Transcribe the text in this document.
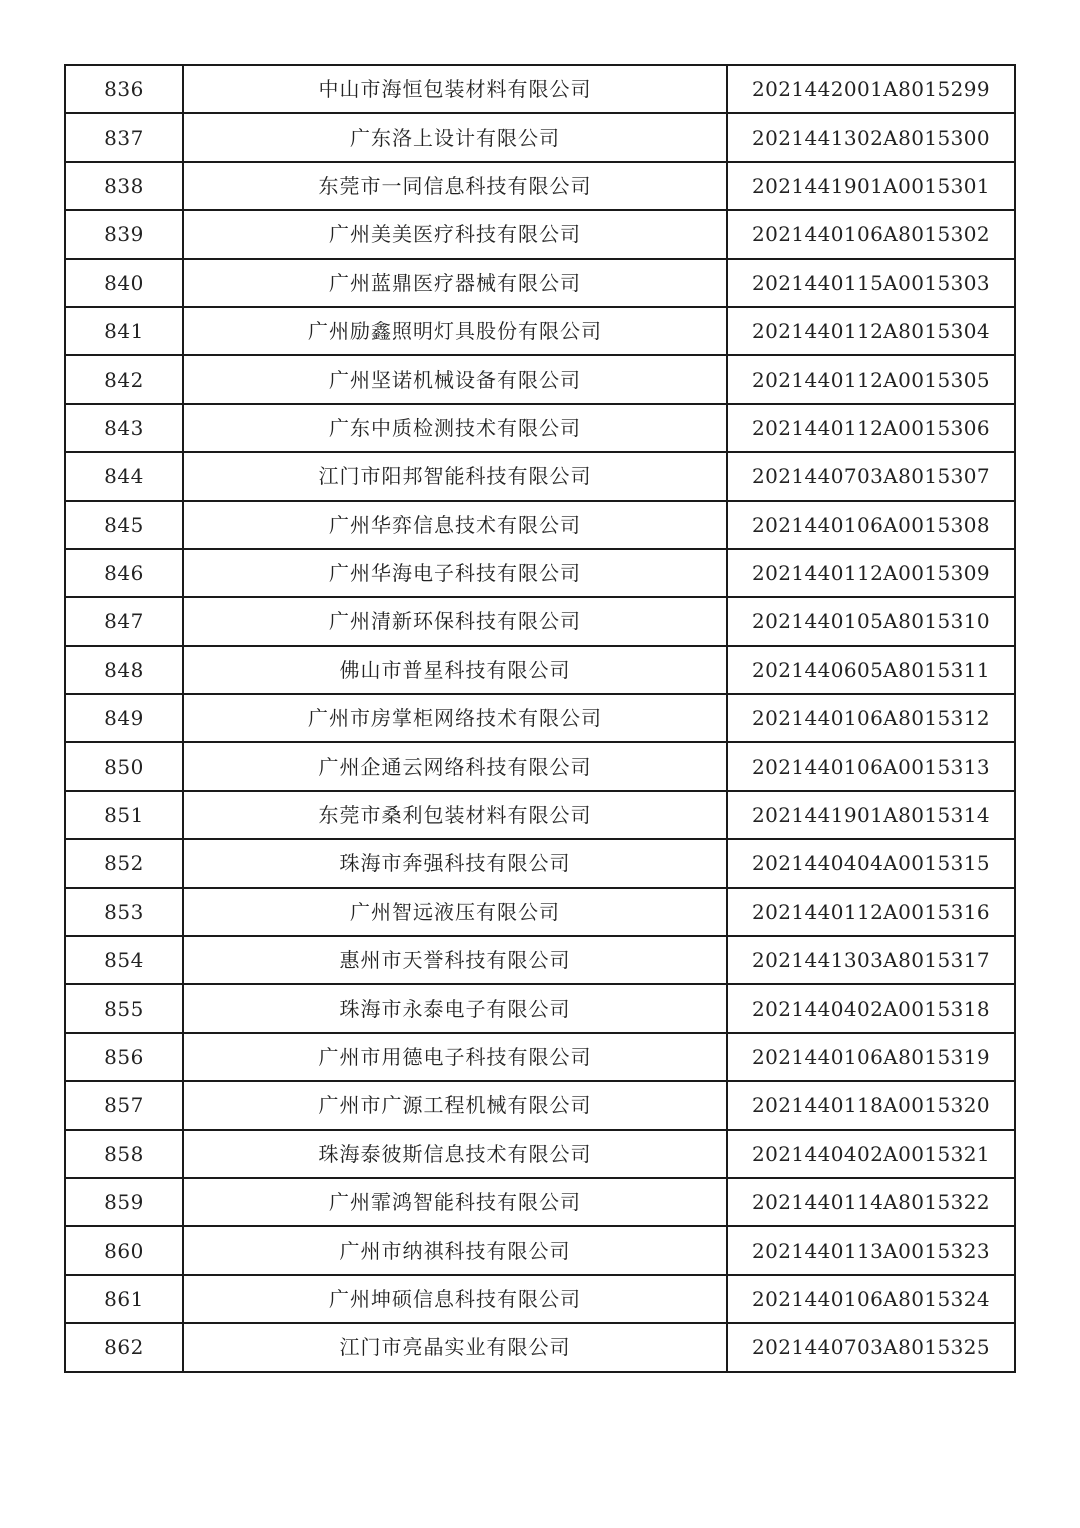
836	中山市海恒包装材料有限公司	2021442001A8015299
837	广东洛上设计有限公司	2021441302A8015300
838	东莞市一同信息科技有限公司	2021441901A0015301
839	广州美美医疗科技有限公司	2021440106A8015302
840	广州蓝鼎医疗器械有限公司	2021440115A0015303
841	广州励鑫照明灯具股份有限公司	2021440112A8015304
842	广州坚诺机械设备有限公司	2021440112A0015305
843	广东中质检测技术有限公司	2021440112A0015306
844	江门市阳邦智能科技有限公司	2021440703A8015307
845	广州华弈信息技术有限公司	2021440106A0015308
846	广州华海电子科技有限公司	2021440112A0015309
847	广州清新环保科技有限公司	2021440105A8015310
848	佛山市普星科技有限公司	2021440605A8015311
849	广州市房掌柜网络技术有限公司	2021440106A8015312
850	广州企通云网络科技有限公司	2021440106A0015313
851	东莞市桑利包装材料有限公司	2021441901A8015314
852	珠海市奔强科技有限公司	2021440404A0015315
853	广州智远液压有限公司	2021440112A0015316
854	惠州市天誉科技有限公司	2021441303A8015317
855	珠海市永泰电子有限公司	2021440402A0015318
856	广州市用德电子科技有限公司	2021440106A8015319
857	广州市广源工程机械有限公司	2021440118A0015320
858	珠海泰彼斯信息技术有限公司	2021440402A0015321
859	广州霏鸿智能科技有限公司	2021440114A8015322
860	广州市纳祺科技有限公司	2021440113A0015323
861	广州坤硕信息科技有限公司	2021440106A8015324
862	江门市亮晶实业有限公司	2021440703A8015325
